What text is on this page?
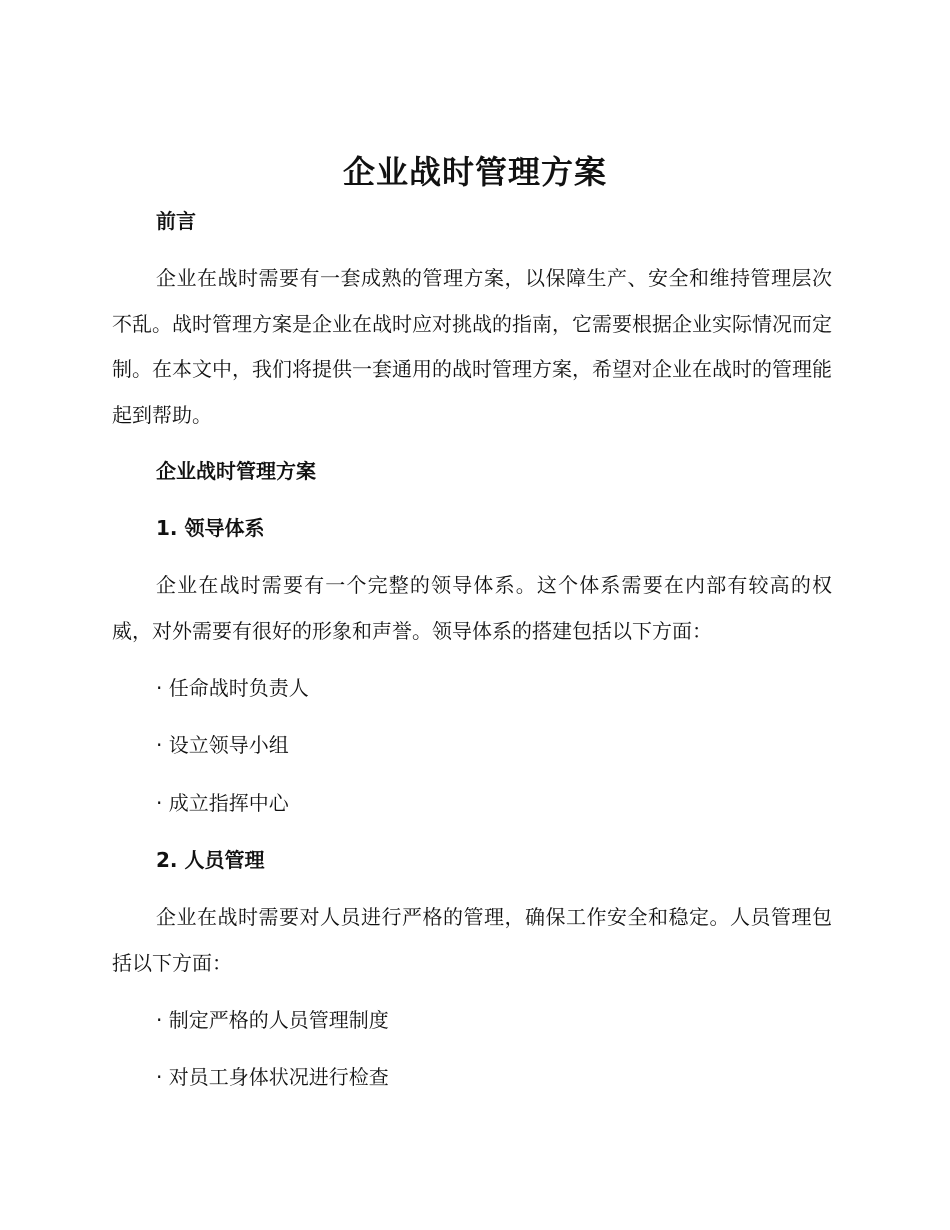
企业战时管理方案

前言

企业在战时需要有一套成熟的管理方案，以保障生产、安全和维持管理层次不乱。战时管理方案是企业在战时应对挑战的指南，它需要根据企业实际情况而定制。在本文中，我们将提供一套通用的战时管理方案，希望对企业在战时的管理能起到帮助。

企业战时管理方案

1. 领导体系

企业在战时需要有一个完整的领导体系。这个体系需要在内部有较高的权威，对外需要有很好的形象和声誉。领导体系的搭建包括以下方面：

· 任命战时负责人

· 设立领导小组

· 成立指挥中心

2. 人员管理

企业在战时需要对人员进行严格的管理，确保工作安全和稳定。人员管理包括以下方面：

· 制定严格的人员管理制度

· 对员工身体状况进行检查
